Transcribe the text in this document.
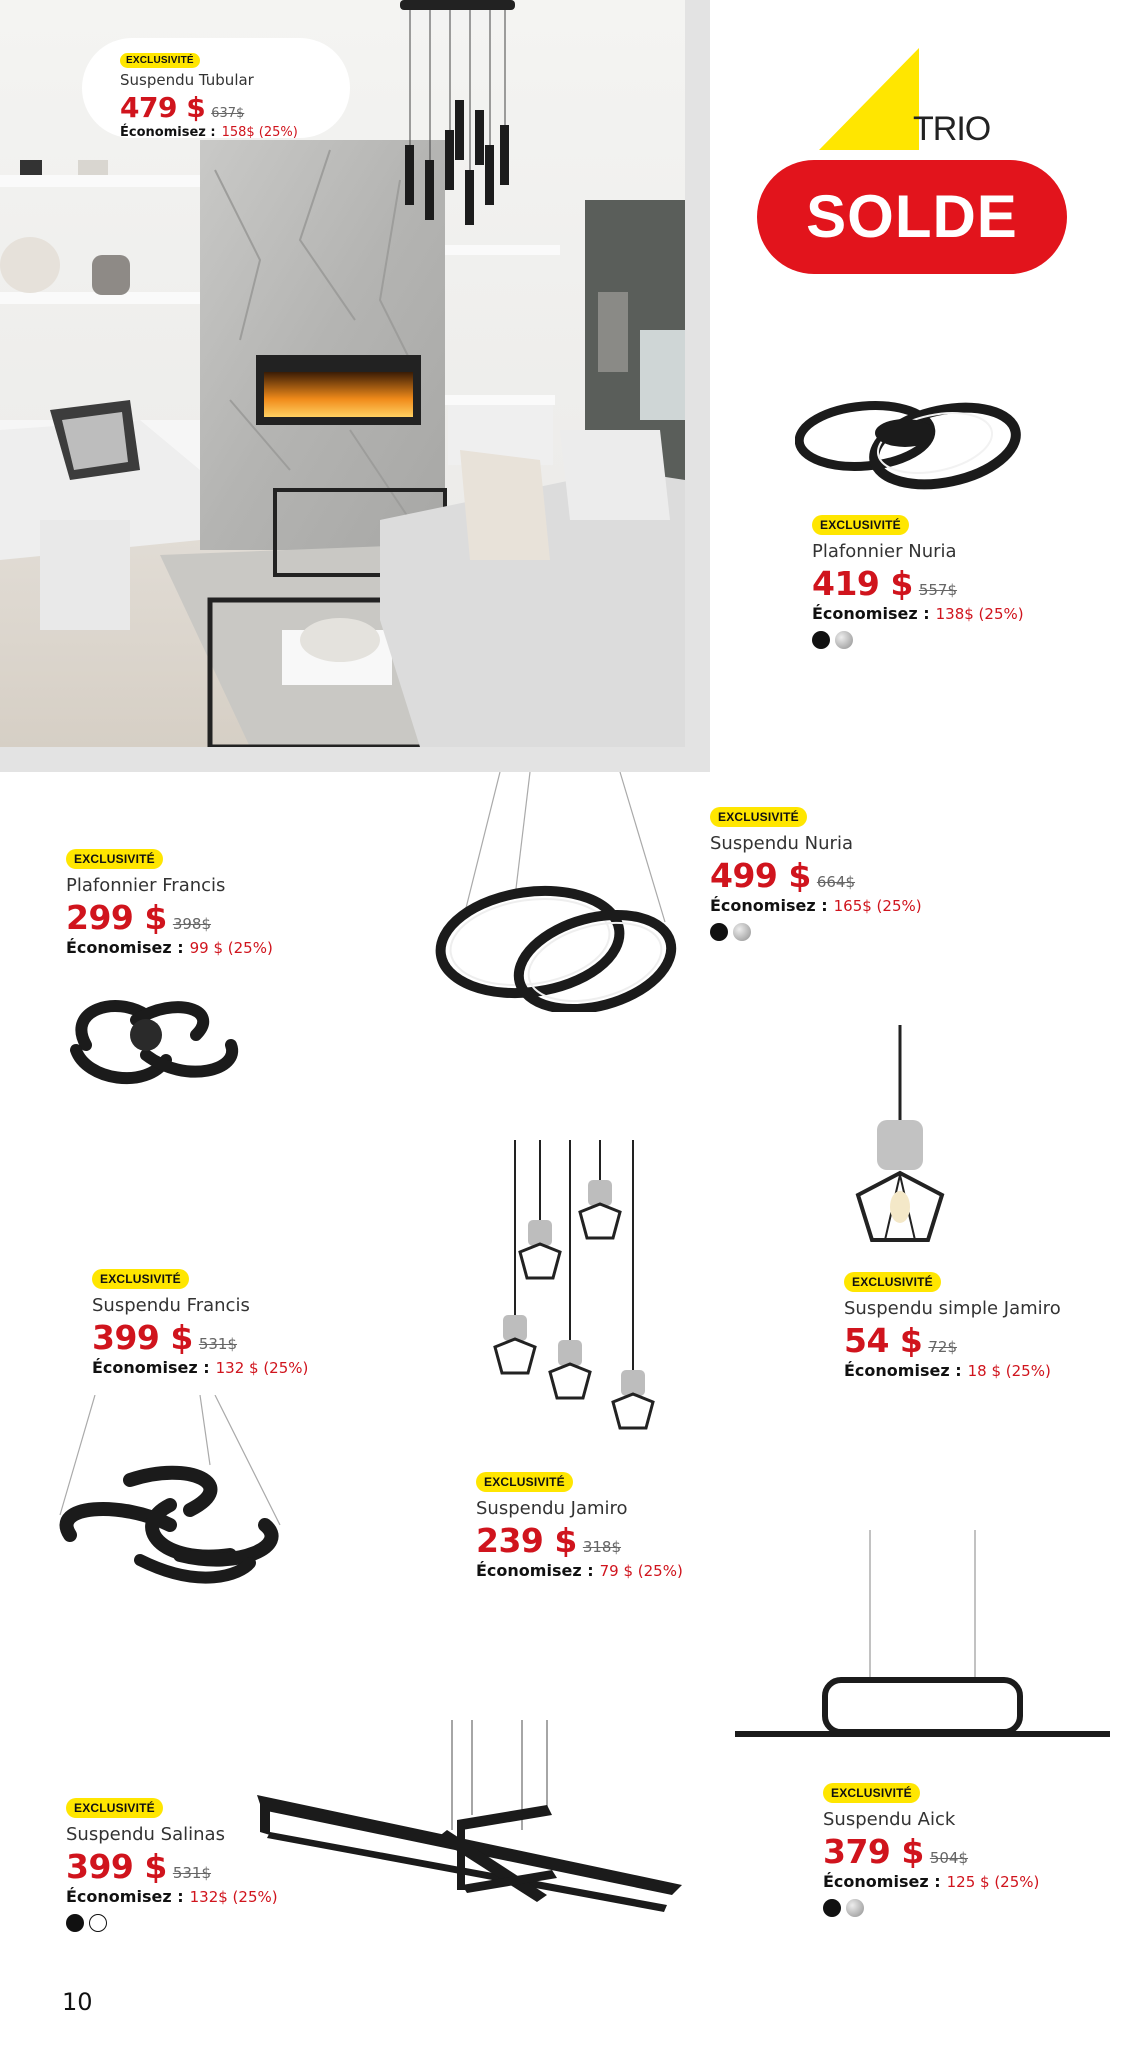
EXCLUSIVITÉ
Suspendu Tubular
479 $ 637$
Économisez : 158$ (25%)	TRIO
SOLDE
EXCLUSIVITÉ
Plafonnier Nuria
419 $ 557$
Économisez : 138$ (25%)
EXCLUSIVITÉ
Suspendu Nuria
499 $ 664$
Économisez : 165$ (25%)
EXCLUSIVITÉ
Plafonnier Francis
299 $ 398$
Économisez : 99 $ (25%)
EXCLUSIVITÉ
Suspendu Francis
399 $ 531$
Économisez : 132 $ (25%)
EXCLUSIVITÉ
Suspendu simple Jamiro
54 $ 72$
Économisez : 18 $ (25%)
EXCLUSIVITÉ
Suspendu Jamiro
239 $ 318$
Économisez : 79 $ (25%)
EXCLUSIVITÉ
Suspendu Salinas
399 $ 531$
Économisez : 132$ (25%)
EXCLUSIVITÉ
Suspendu Aick
379 $ 504$
Économisez : 125 $ (25%)
10
